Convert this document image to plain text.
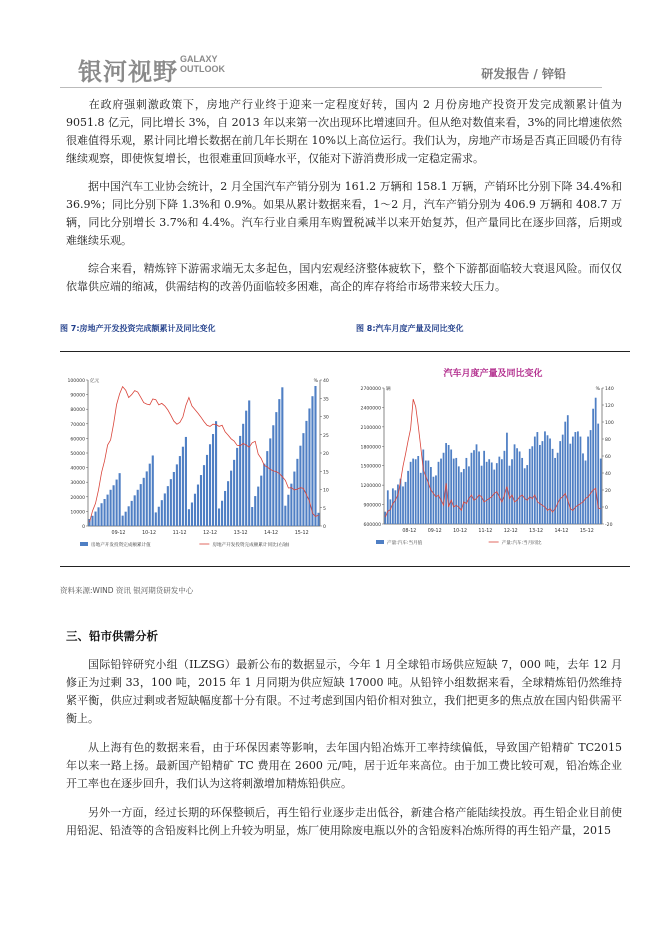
银河视野 GALAXY
OUTLOOK	研发报告 / 锌铅

在政府强刺激政策下，房地产行业终于迎来一定程度好转，国内 2 月份房地产投资开发完成额累计值为 9051.8 亿元，同比增长 3%，自 2013 年以来第一次出现环比增速回升。但从绝对数值来看，3%的同比增速依然很难值得乐观，累计同比增长数据在前几年长期在 10%以上高位运行。我们认为，房地产市场是否真正回暖仍有待继续观察，即使恢复增长，也很难重回顶峰水平，仅能对下游消费形成一定稳定需求。

据中国汽车工业协会统计，2 月全国汽车产销分别为 161.2 万辆和 158.1 万辆，产销环比分别下降 34.4%和 36.9%；同比分别下降 1.3%和 0.9%。如果从累计数据来看，1～2 月，汽车产销分别为 406.9 万辆和 408.7 万辆，同比分别增长 3.7%和 4.4%。汽车行业自乘用车购置税减半以来开始复苏，但产量同比在逐步回落，后期或难继续乐观。

综合来看，精炼锌下游需求端无太多起色，国内宏观经济整体疲软下，整个下游都面临较大衰退风险。而仅仅依靠供应端的缩减，供需结构的改善仍面临较多困难，高企的库存将给市场带来较大压力。

图 7:房地产开发投资完成额累计及同比变化	图 8:汽车月度产量及同比变化
0
10000
20000
30000
40000
50000
60000
70000
80000
90000
100000 亿元
0
5
10
15
20
25
30
35
40
%
09-12	10-12	11-12	12-12	13-12	14-12	15-12
房地产开发投资完成额累计值	房地产开发投资完成额累计同比(右轴)
汽车月度产量及同比变化
600000
900000
1200000
1500000
1800000
2100000
2400000
2700000 辆
-20
0
20
40
60
80
100
120
140
%
08-12 09-12 10-12 11-12 12-12 13-12 14-12 15-12
产量:汽车:当月值	产量:汽车:当月同比
资料来源:WIND 资讯 银河期货研发中心
三、铅市供需分析

国际铅锌研究小组（ILZSG）最新公布的数据显示，今年 1 月全球铅市场供应短缺 7，000 吨，去年 12 月修正为过剩 33，100 吨，2015 年 1 月同期为供应短缺 17000 吨。从铅锌小组数据来看，全球精炼铅仍然维持紧平衡，供应过剩或者短缺幅度都十分有限。不过考虑到国内铅价相对独立，我们把更多的焦点放在国内铅供需平衡上。

从上海有色的数据来看，由于环保因素等影响，去年国内铅冶炼开工率持续偏低，导致国产铅精矿 TC2015 年以来一路上扬。最新国产铅精矿 TC 费用在 2600 元/吨，居于近年来高位。由于加工费比较可观，铅冶炼企业开工率也在逐步回升，我们认为这将刺激增加精炼铅供应。

另外一方面，经过长期的环保整顿后，再生铅行业逐步走出低谷，新建合格产能陆续投放。再生铅企业目前使用铅泥、铅渣等的含铅废料比例上升较为明显，炼厂使用除废电瓶以外的含铅废料冶炼所得的再生铅产量，2015
